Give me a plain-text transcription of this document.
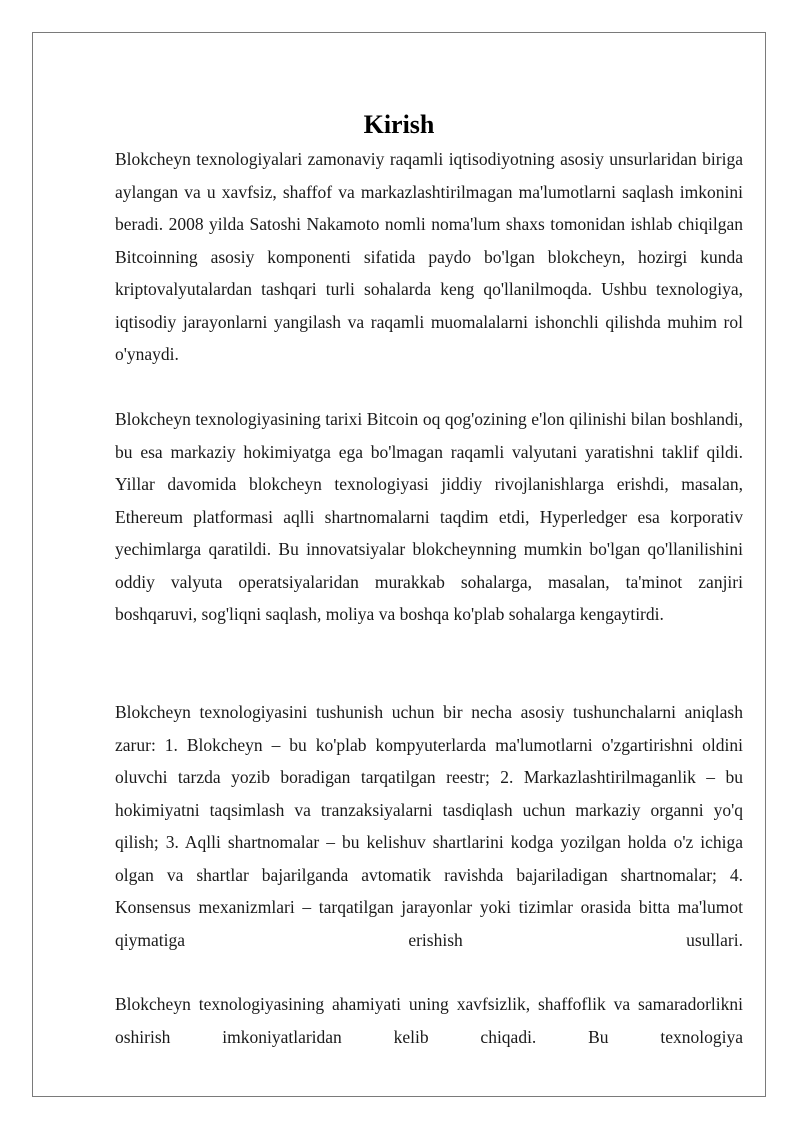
Kirish

Blokcheyn texnologiyalari zamonaviy raqamli iqtisodiyotning asosiy unsurlaridan biriga aylangan va u xavfsiz, shaffof va markazlashtirilmagan ma'lumotlarni saqlash imkonini beradi. 2008 yilda Satoshi Nakamoto nomli noma'lum shaxs tomonidan ishlab chiqilgan Bitcoinning asosiy komponenti sifatida paydo bo'lgan blokcheyn, hozirgi kunda kriptovalyutalardan tashqari turli sohalarda keng qo'llanilmoqda. Ushbu texnologiya, iqtisodiy jarayonlarni yangilash va raqamli muomalalarni ishonchli qilishda muhim rol o'ynaydi.

Blokcheyn texnologiyasining tarixi Bitcoin oq qog'ozining e'lon qilinishi bilan boshlandi, bu esa markaziy hokimiyatga ega bo'lmagan raqamli valyutani yaratishni taklif qildi. Yillar davomida blokcheyn texnologiyasi jiddiy rivojlanishlarga erishdi, masalan, Ethereum platformasi aqlli shartnomalarni taqdim etdi, Hyperledger esa korporativ yechimlarga qaratildi. Bu innovatsiyalar blokcheynning mumkin bo'lgan qo'llanilishini oddiy valyuta operatsiyalaridan murakkab sohalarga, masalan, ta'minot zanjiri boshqaruvi, sog'liqni saqlash, moliya va boshqa ko'plab sohalarga kengaytirdi.

Blokcheyn texnologiyasini tushunish uchun bir necha asosiy tushunchalarni aniqlash zarur: 1. Blokcheyn – bu ko'plab kompyuterlarda ma'lumotlarni o'zgartirishni oldini oluvchi tarzda yozib boradigan tarqatilgan reestr; 2. Markazlashtirilmaganlik – bu hokimiyatni taqsimlash va tranzaksiyalarni tasdiqlash uchun markaziy organni yo'q qilish; 3. Aqlli shartnomalar – bu kelishuv shartlarini kodga yozilgan holda o'z ichiga olgan va shartlar bajarilganda avtomatik ravishda bajariladigan shartnomalar; 4. Konsensus mexanizmlari – tarqatilgan jarayonlar yoki tizimlar orasida bitta ma'lumot qiymatiga erishish usullari.

Blokcheyn texnologiyasining ahamiyati uning xavfsizlik, shaffoflik va samaradorlikni oshirish imkoniyatlaridan kelib chiqadi. Bu texnologiya
